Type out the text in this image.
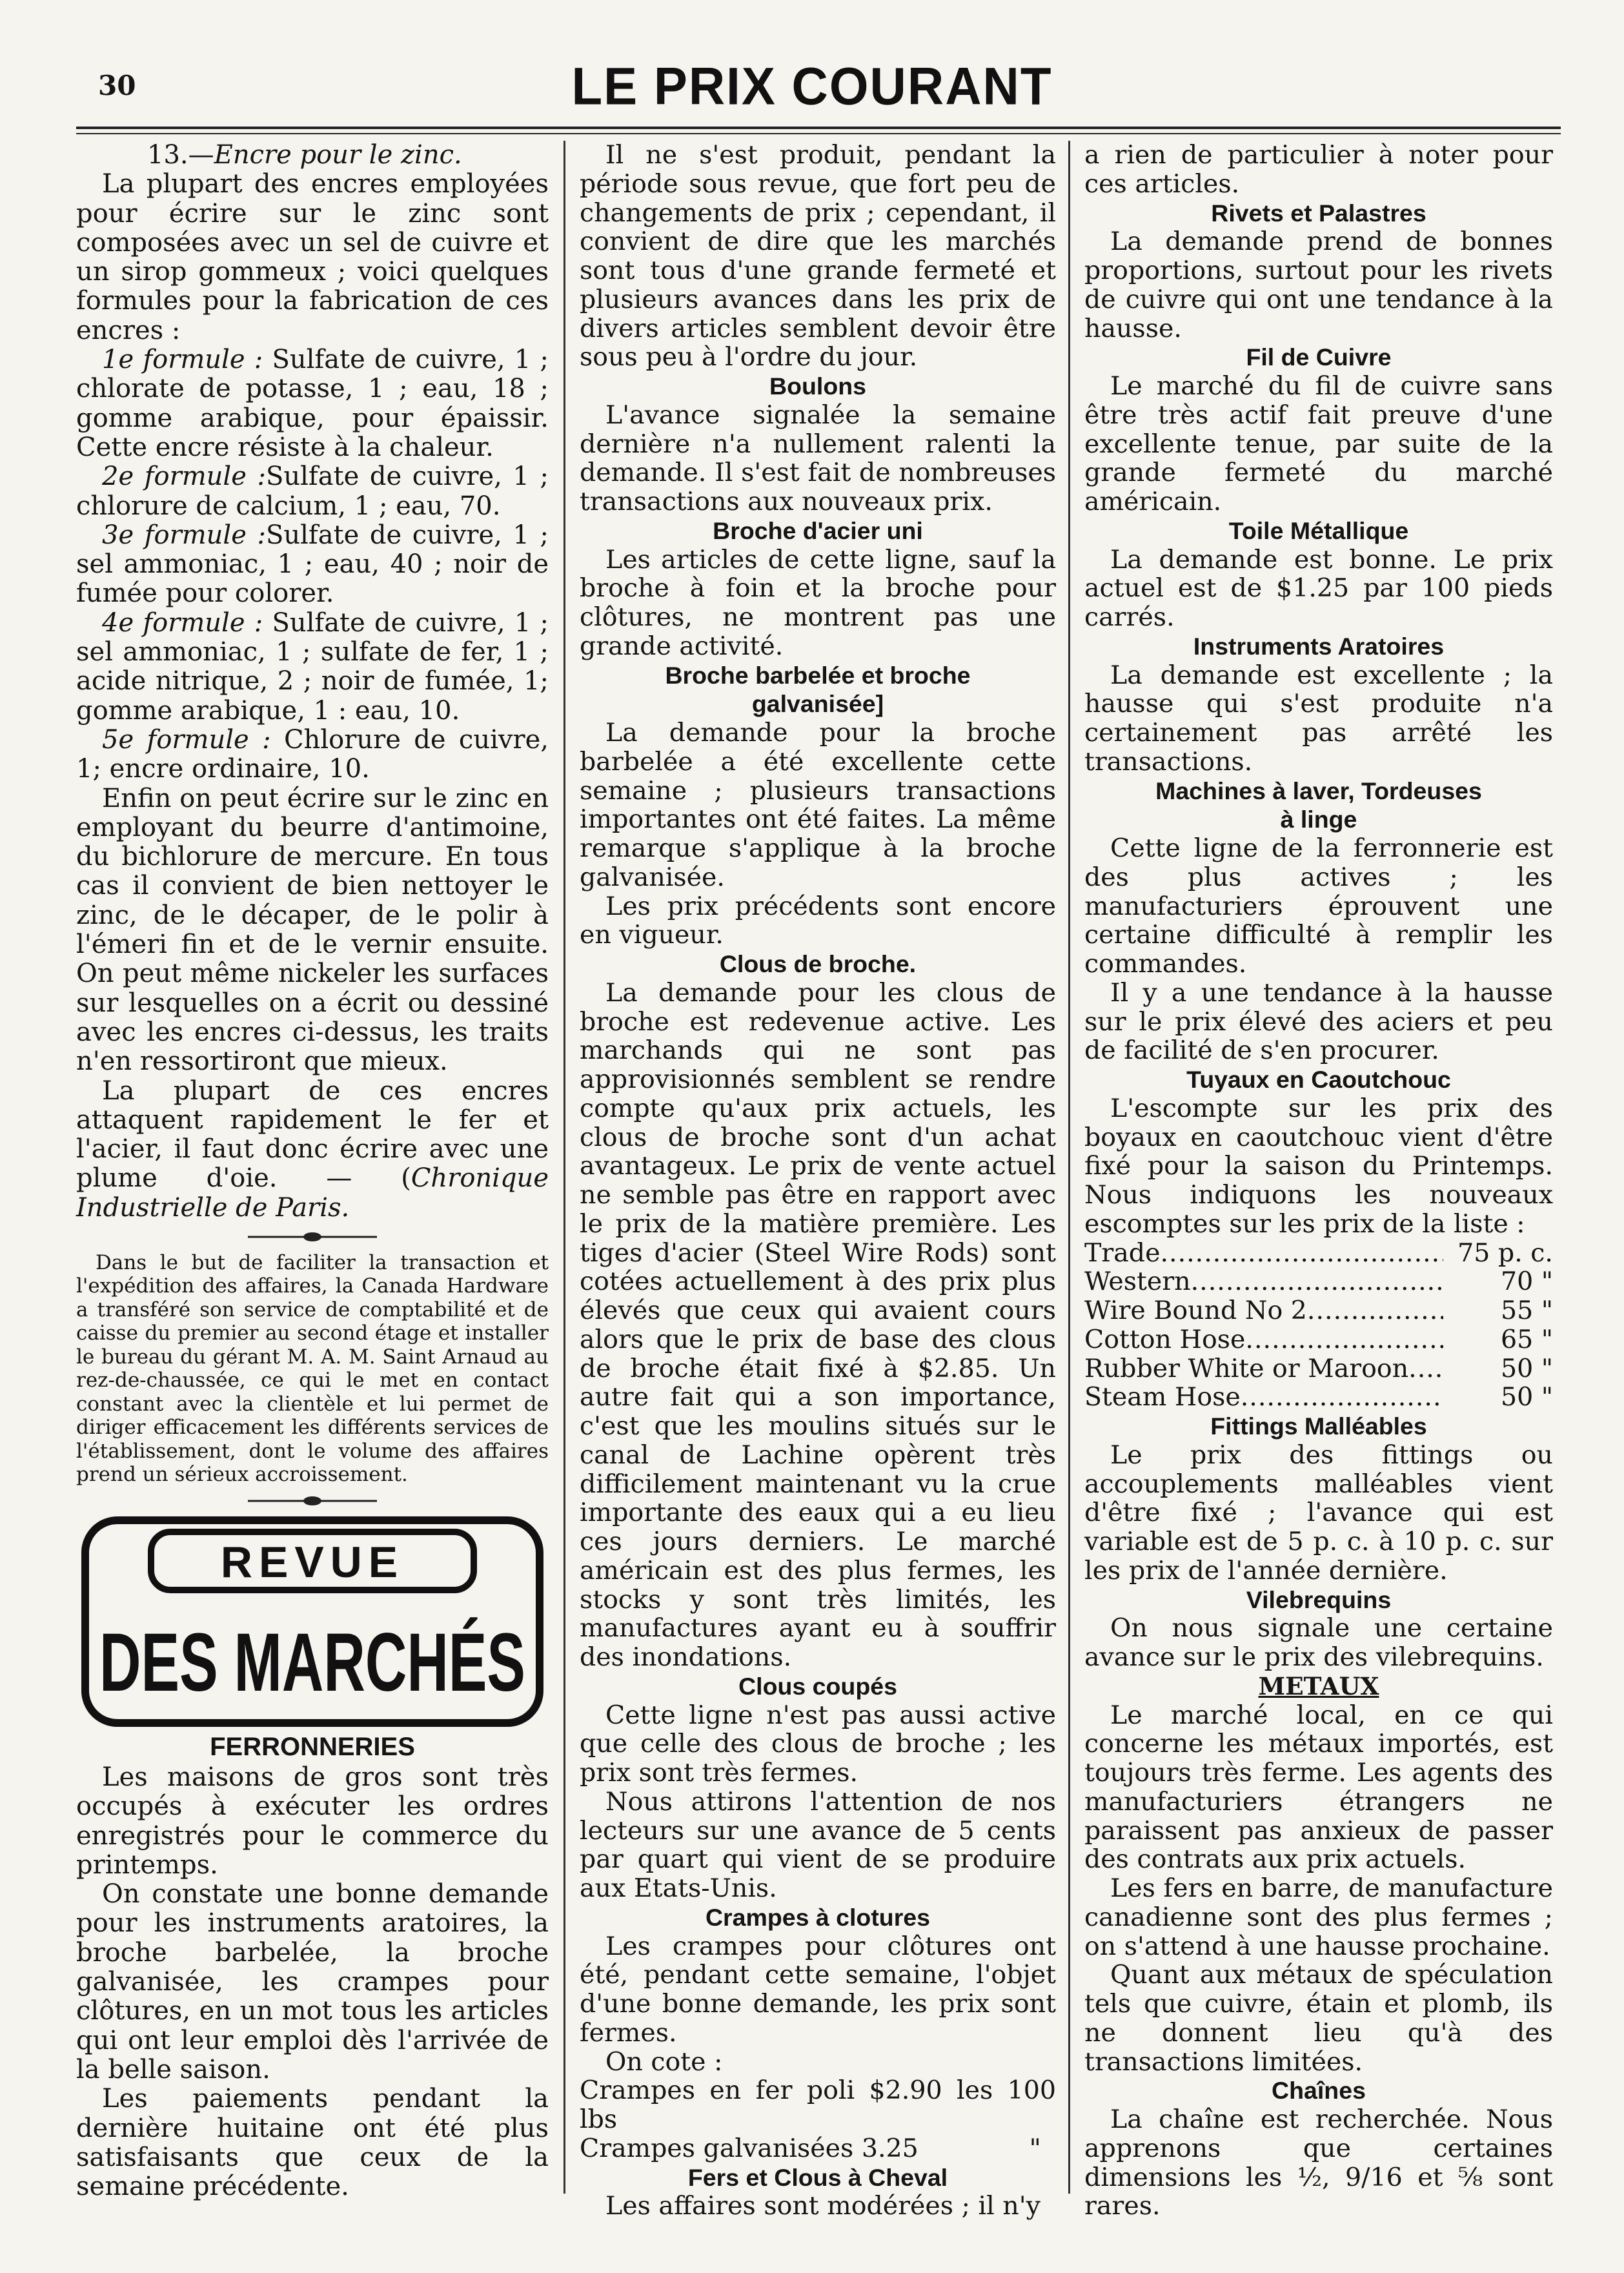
30	LE PRIX COURANT

13.—Encre pour le zinc.

La plupart des encres employées pour écrire sur le zinc sont composées avec un sel de cuivre et un sirop gommeux ; voici quelques formules pour la fabrication de ces encres :

1e formule : Sulfate de cuivre, 1 ; chlorate de potasse, 1 ; eau, 18 ; gomme arabique, pour épaissir. Cette encre résiste à la chaleur.

2e formule :Sulfate de cuivre, 1 ; chlorure de calcium, 1 ; eau, 70.

3e formule :Sulfate de cuivre, 1 ; sel ammoniac, 1 ; eau, 40 ; noir de fumée pour colorer.

4e formule : Sulfate de cuivre, 1 ; sel ammoniac, 1 ; sulfate de fer, 1 ; acide nitrique, 2 ; noir de fumée, 1; gomme arabique, 1 : eau, 10.

5e formule : Chlorure de cuivre, 1; encre ordinaire, 10.

Enfin on peut écrire sur le zinc en employant du beurre d'antimoine, du bichlorure de mercure. En tous cas il convient de bien nettoyer le zinc, de le décaper, de le polir à l'émeri fin et de le vernir ensuite. On peut même nickeler les surfaces sur lesquelles on a écrit ou dessiné avec les encres ci-dessus, les traits n'en ressortiront que mieux.

La plupart de ces encres attaquent rapidement le fer et l'acier, il faut donc écrire avec une plume d'oie. — (Chronique Industrielle de Paris.

Dans le but de faciliter la transaction et l'expédition des affaires, la Canada Hardware a transféré son service de comptabilité et de caisse du premier au second étage et installer le bureau du gérant M. A. M. Saint Arnaud au rez-de-chaussée, ce qui le met en contact constant avec la clientèle et lui permet de diriger efficacement les différents services de l'établissement, dont le volume des affaires prend un sérieux accroissement.

REVUE
DES MARCHÉS
FERRONNERIES

Les maisons de gros sont très occupés à exécuter les ordres enregistrés pour le commerce du printemps.

On constate une bonne demande pour les instruments aratoires, la broche barbelée, la broche galvanisée, les crampes pour clôtures, en un mot tous les articles qui ont leur emploi dès l'arrivée de la belle saison.

Les paiements pendant la dernière huitaine ont été plus satisfaisants que ceux de la semaine précédente.

Il ne s'est produit, pendant la période sous revue, que fort peu de changements de prix ; cependant, il convient de dire que les marchés sont tous d'une grande fermeté et plusieurs avances dans les prix de divers articles semblent devoir être sous peu à l'ordre du jour.

Boulons

L'avance signalée la semaine dernière n'a nullement ralenti la demande. Il s'est fait de nombreuses transactions aux nouveaux prix.

Broche d'acier uni

Les articles de cette ligne, sauf la broche à foin et la broche pour clôtures, ne montrent pas une grande activité.

Broche barbelée et broche
galvanisée]

La demande pour la broche barbelée a été excellente cette semaine ; plusieurs transactions importantes ont été faites. La même remarque s'applique à la broche galvanisée.

Les prix précédents sont encore en vigueur.

Clous de broche.

La demande pour les clous de broche est redevenue active. Les marchands qui ne sont pas approvisionnés semblent se rendre compte qu'aux prix actuels, les clous de broche sont d'un achat avantageux. Le prix de vente actuel ne semble pas être en rapport avec le prix de la matière première. Les tiges d'acier (Steel Wire Rods) sont cotées actuellement à des prix plus élevés que ceux qui avaient cours alors que le prix de base des clous de broche était fixé à $2.85. Un autre fait qui a son importance, c'est que les moulins situés sur le canal de Lachine opèrent très difficilement maintenant vu la crue importante des eaux qui a eu lieu ces jours derniers. Le marché américain est des plus fermes, les stocks y sont très limités, les manufactures ayant eu à souffrir des inondations.

Clous coupés

Cette ligne n'est pas aussi active que celle des clous de broche ; les prix sont très fermes.

Nous attirons l'attention de nos lecteurs sur une avance de 5 cents par quart qui vient de se produire aux Etats-Unis.

Crampes à clotures

Les crampes pour clôtures ont été, pendant cette semaine, l'objet d'une bonne demande, les prix sont fermes.

On cote :

Crampes en fer poli $2.90 les 100 lbs

Crampes galvanisées 3.25	"

Fers et Clous à Cheval

Les affaires sont modérées ; il n'y

a rien de particulier à noter pour ces articles.

Rivets et Palastres

La demande prend de bonnes proportions, surtout pour les rivets de cuivre qui ont une tendance à la hausse.

Fil de Cuivre

Le marché du fil de cuivre sans être très actif fait preuve d'une excellente tenue, par suite de la grande fermeté du marché américain.

Toile Métallique

La demande est bonne. Le prix actuel est de $1.25 par 100 pieds carrés.

Instruments Aratoires

La demande est excellente ; la hausse qui s'est produite n'a certainement pas arrêté les transactions.

Machines à laver, Tordeuses
à linge

Cette ligne de la ferronnerie est des plus actives ; les manufacturiers éprouvent une certaine difficulté à remplir les commandes.

Il y a une tendance à la hausse sur le prix élevé des aciers et peu de facilité de s'en procurer.

Tuyaux en Caoutchouc

L'escompte sur les prix des boyaux en caoutchouc vient d'être fixé pour la saison du Printemps. Nous indiquons les nouveaux escomptes sur les prix de la liste :

Trade .....	75 p. c.
Western .....	70 "
Wire Bound No 2 .....	55 "
Cotton Hose .....	65 "
Rubber White or Maroon .....	50 "
Steam Hose .....	50 "
Fittings Malléables

Le prix des fittings ou accouplements malléables vient d'être fixé ; l'avance qui est variable est de 5 p. c. à 10 p. c. sur les prix de l'année dernière.

Vilebrequins

On nous signale une certaine avance sur le prix des vilebrequins.

METAUX

Le marché local, en ce qui concerne les métaux importés, est toujours très ferme. Les agents des manufacturiers étrangers ne paraissent pas anxieux de passer des contrats aux prix actuels.

Les fers en barre, de manufacture canadienne sont des plus fermes ; on s'attend à une hausse prochaine.

Quant aux métaux de spéculation tels que cuivre, étain et plomb, ils ne donnent lieu qu'à des transactions limitées.

Chaînes

La chaîne est recherchée. Nous apprenons que certaines dimensions les ½, 9/16 et ⅝ sont rares.
